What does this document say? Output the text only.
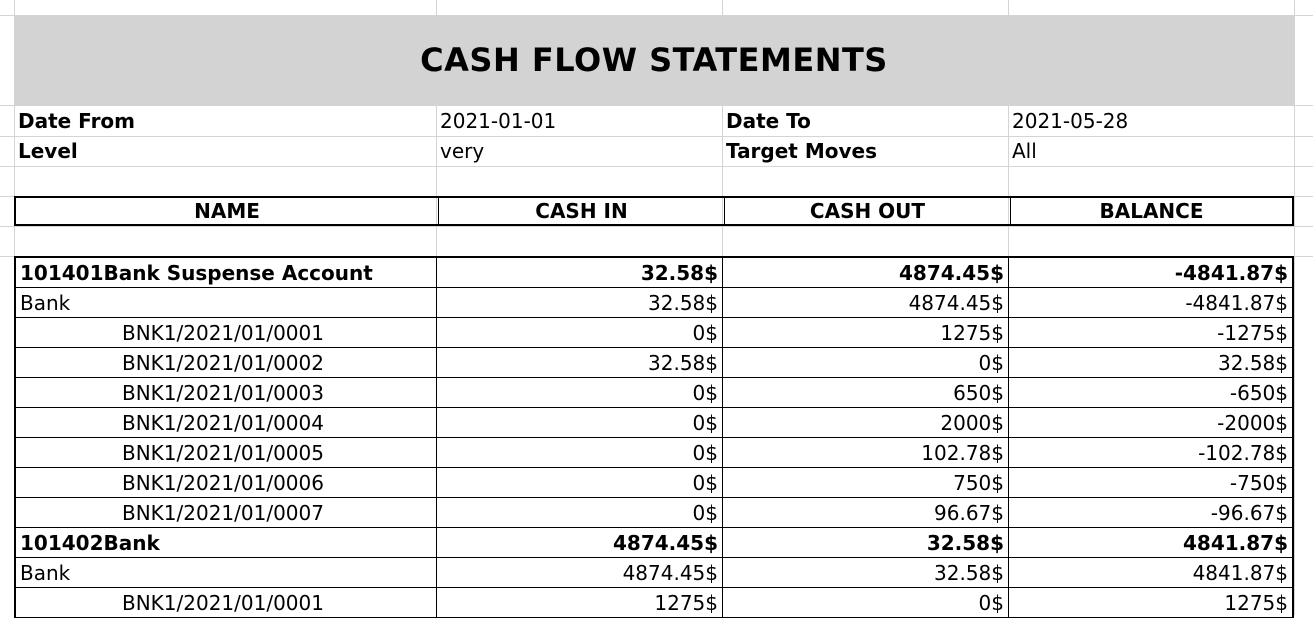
CASH FLOW STATEMENTS
Date From	2021-01-01	Date To	2021-05-28
Level	very	Target Moves	All
NAME	CASH IN	CASH OUT	BALANCE
101401Bank Suspense Account	32.58$	4874.45$	-4841.87$
Bank	32.58$	4874.45$	-4841.87$
BNK1/2021/01/0001	0$	1275$	-1275$
BNK1/2021/01/0002	32.58$	0$	32.58$
BNK1/2021/01/0003	0$	650$	-650$
BNK1/2021/01/0004	0$	2000$	-2000$
BNK1/2021/01/0005	0$	102.78$	-102.78$
BNK1/2021/01/0006	0$	750$	-750$
BNK1/2021/01/0007	0$	96.67$	-96.67$
101402Bank	4874.45$	32.58$	4841.87$
Bank	4874.45$	32.58$	4841.87$
BNK1/2021/01/0001	1275$	0$	1275$
